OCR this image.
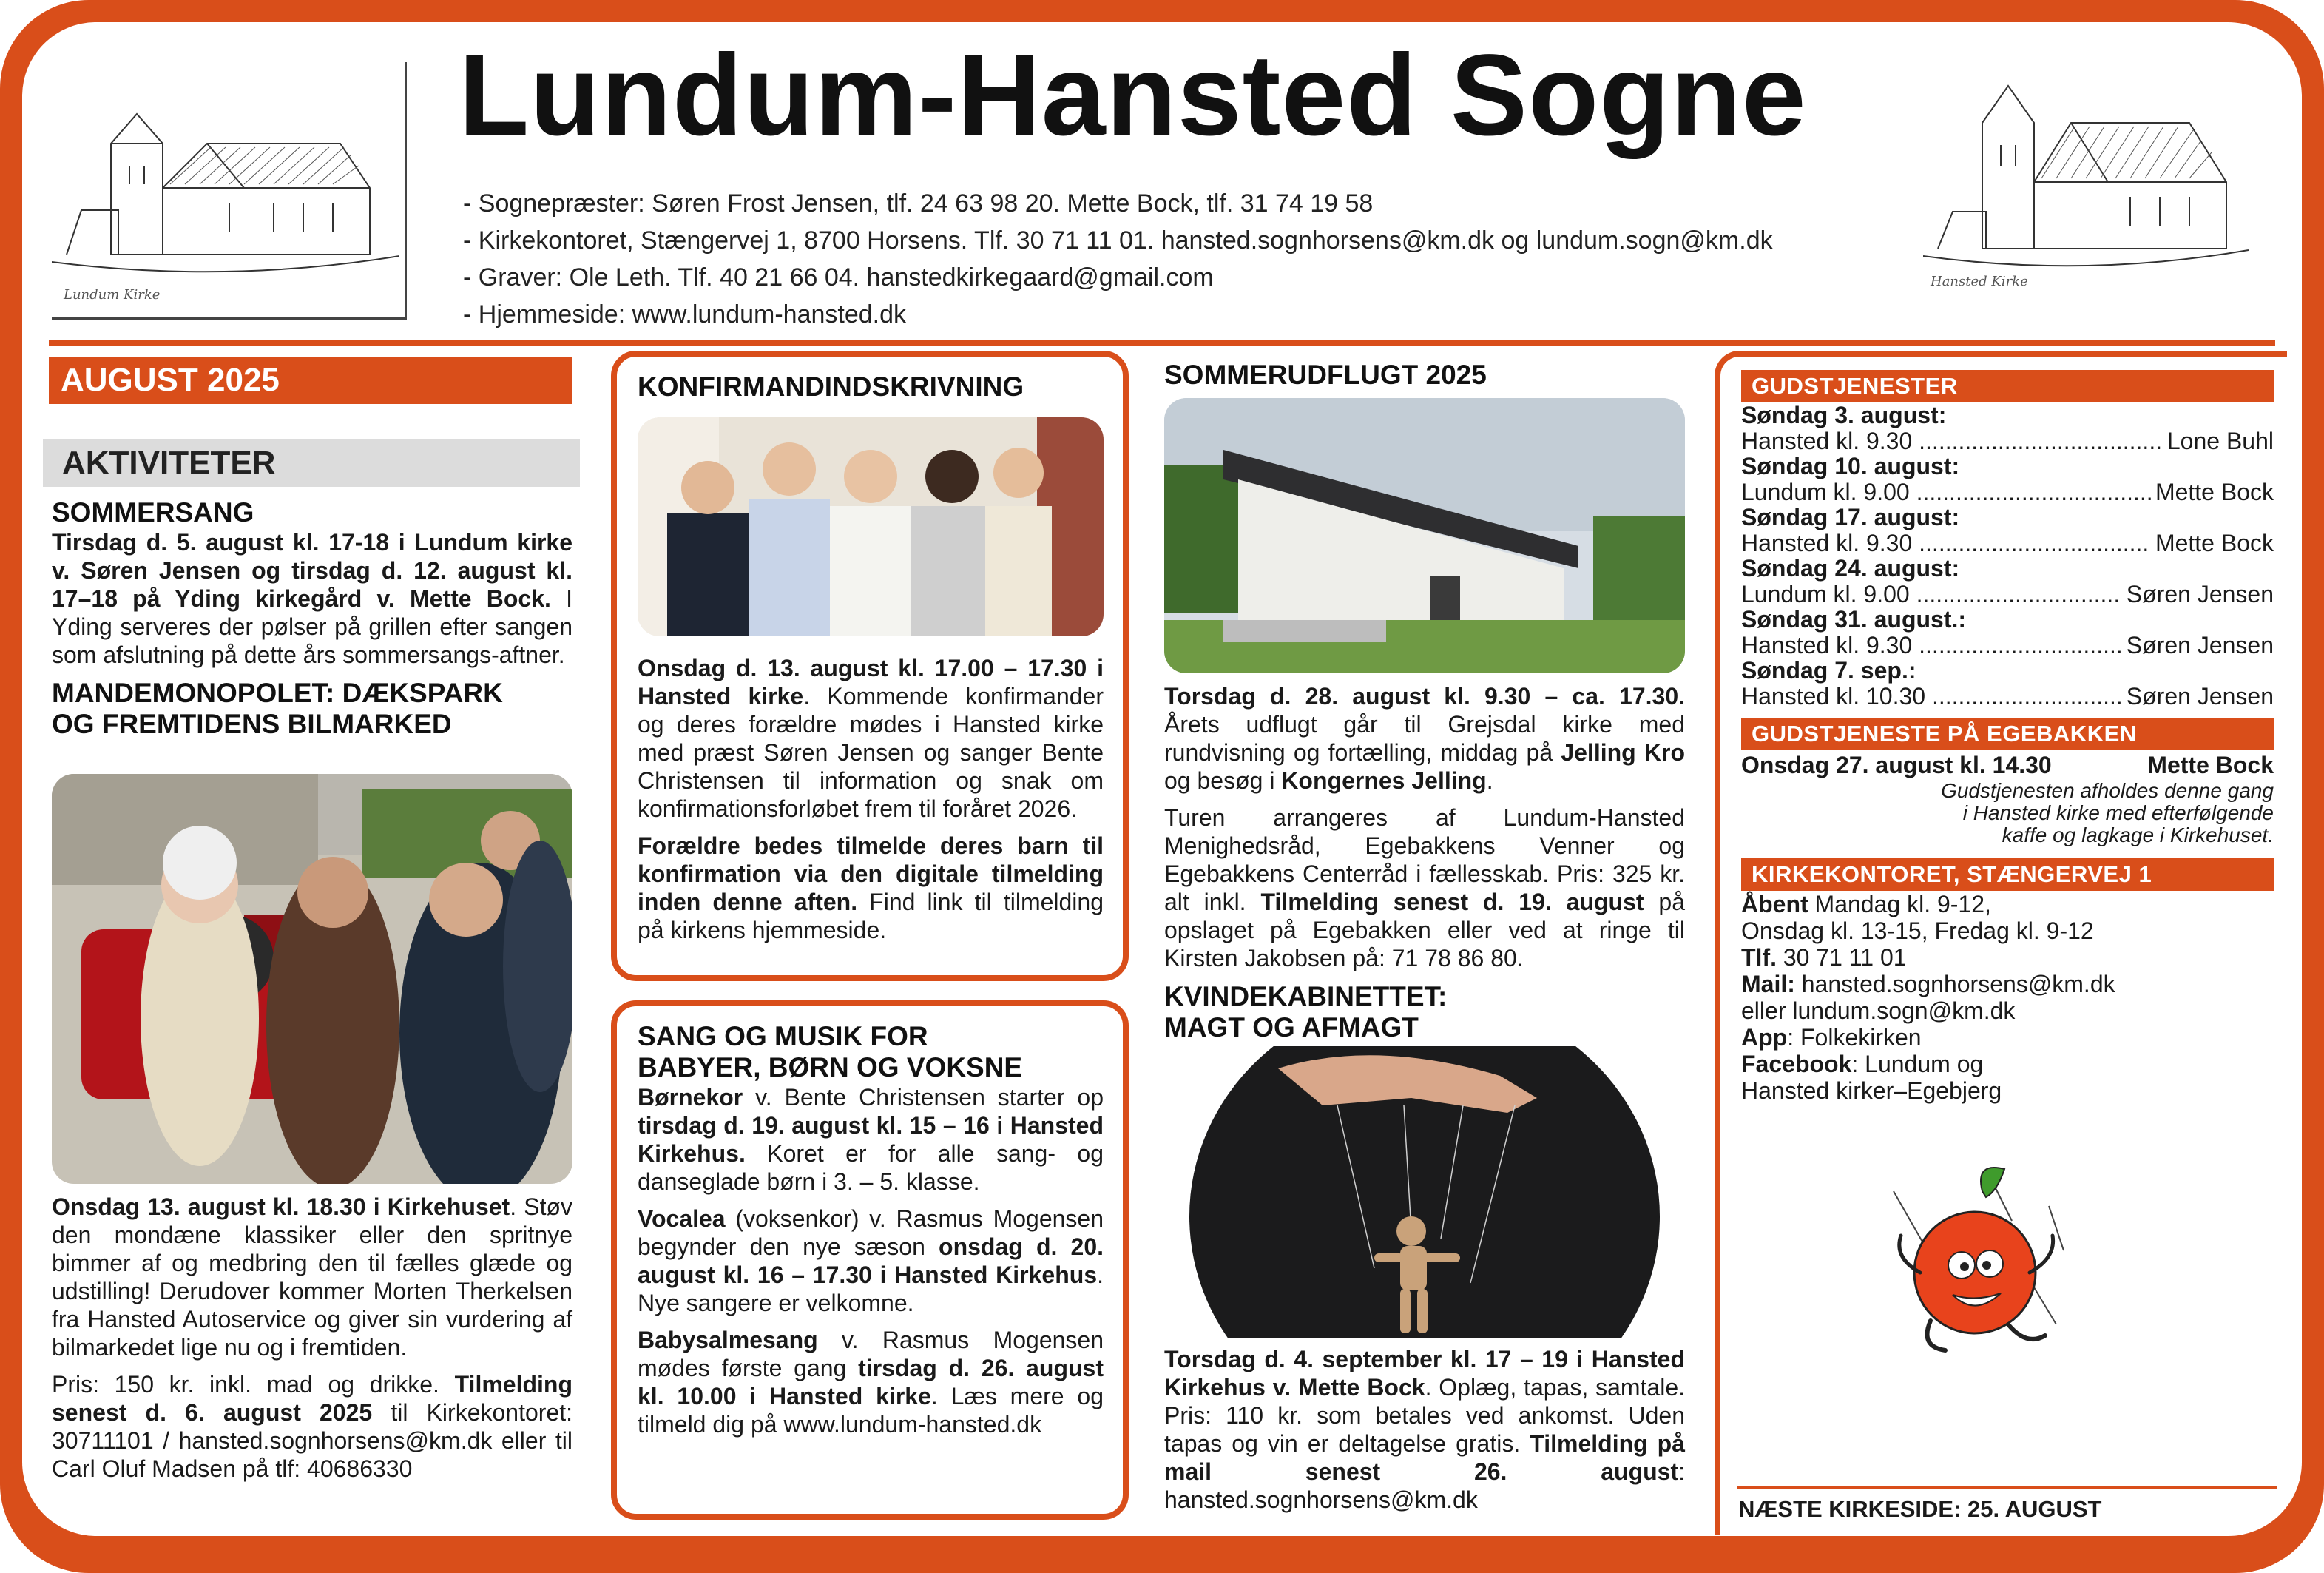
Lundum Kirke
Hansted Kirke
Lundum-Hansted Sogne
- Sognepræster: Søren Frost Jensen, tlf. 24 63 98 20. Mette Bock, tlf. 31 74 19 58
- Kirkekontoret, Stængervej 1, 8700 Horsens. Tlf. 30 71 11 01. hansted.sognhorsens@km.dk og lundum.sogn@km.dk
- Graver: Ole Leth. Tlf. 40 21 66 04. hanstedkirkegaard@gmail.com
- Hjemmeside: www.lundum-hansted.dk
AUGUST 2025
AKTIVITETER
SOMMERSANG

Tirsdag d. 5. august kl. 17-18 i Lundum kirke v. Søren Jensen og tirsdag d. 12. august kl. 17–18 på Yding kirkegård v. Mette Bock. I Yding serveres der pølser på grillen efter sangen som afslutning på dette års sommersangs-aftner.

MANDEMONOPOLET: DÆKSPARK
OG FREMTIDENS BILMARKED

Onsdag 13. august kl. 18.30 i Kirkehuset. Støv den mondæne klassiker eller den spritnye bimmer af og medbring den til fælles glæde og udstilling! Derudover kommer Morten Therkelsen fra Hansted Autoservice og giver sin vurdering af bilmarkedet lige nu og i fremtiden.

Pris: 150 kr. inkl. mad og drikke. Tilmelding senest d. 6. august 2025 til Kirkekontoret: 30711101 / hansted.sognhorsens@km.dk eller til Carl Oluf Madsen på tlf: 40686330

KONFIRMANDINDSKRIVNING

Onsdag d. 13. august kl. 17.00 – 17.30 i Hansted kirke. Kommende konfirmander og deres forældre mødes i Hansted kirke med præst Søren Jensen og sanger Bente Christensen til information og snak om konfirmationsforløbet frem til foråret 2026.

Forældre bedes tilmelde deres barn til konfirmation via den digitale tilmelding inden denne aften. Find link til tilmelding på kirkens hjemmeside.

SANG OG MUSIK FOR
BABYER, BØRN OG VOKSNE

Børnekor v. Bente Christensen starter op tirsdag d. 19. august kl. 15 – 16 i Hansted Kirkehus. Koret er for alle sang- og danseglade børn i 3. – 5. klasse.

Vocalea (voksenkor) v. Rasmus Mogensen begynder den nye sæson onsdag d. 20. august kl. 16 – 17.30 i Hansted Kirkehus. Nye sangere er velkomne.

Babysalmesang v. Rasmus Mogensen mødes første gang tirsdag d. 26. august kl. 10.00 i Hansted kirke. Læs mere og tilmeld dig på www.lundum-hansted.dk

SOMMERUDFLUGT 2025

Torsdag d. 28. august kl. 9.30 – ca. 17.30. Årets udflugt går til Grejsdal kirke med rundvisning og fortælling, middag på Jelling Kro og besøg i Kongernes Jelling.

Turen arrangeres af Lundum-Hansted Menighedsråd, Egebakkens Venner og Egebakkens Centerråd i fællesskab. Pris: 325 kr. alt inkl. Tilmelding senest d. 19. august på opslaget på Egebakken eller ved at ringe til Kirsten Jakobsen på: 71 78 86 80.

KVINDEKABINETTET:
MAGT OG AFMAGT

Torsdag d. 4. september kl. 17 – 19 i Hansted Kirkehus v. Mette Bock. Oplæg, tapas, samtale. Pris: 110 kr. som betales ved ankomst. Uden tapas og vin er deltagelse gratis. Tilmelding på mail senest 26. august: hansted.sognhorsens@km.dk

GUDSTJENESTER
Søndag 3. august:
Hansted kl. 9.30 .....	Lone Buhl
Søndag 10. august:
Lundum kl. 9.00 .....	Mette Bock
Søndag 17. august:
Hansted kl. 9.30 .....	Mette Bock
Søndag 24. august:
Lundum kl. 9.00 .....	Søren Jensen
Søndag 31. august.:
Hansted kl. 9.30 .....	Søren Jensen
Søndag 7. sep.:
Hansted kl. 10.30 .....	Søren Jensen
GUDSTJENESTE PÅ EGEBAKKEN
Onsdag 27. august kl. 14.30	Mette Bock
Gudstjenesten afholdes denne gang
i Hansted kirke med efterfølgende
kaffe og lagkage i Kirkehuset.
KIRKEKONTORET, STÆNGERVEJ 1
Åbent Mandag kl. 9-12,
Onsdag kl. 13-15, Fredag kl. 9-12
Tlf. 30 71 11 01
Mail: hansted.sognhorsens@km.dk
eller lundum.sogn@km.dk
App: Folkekirken
Facebook: Lundum og
Hansted kirker–Egebjerg
NÆSTE KIRKESIDE: 25. AUGUST
